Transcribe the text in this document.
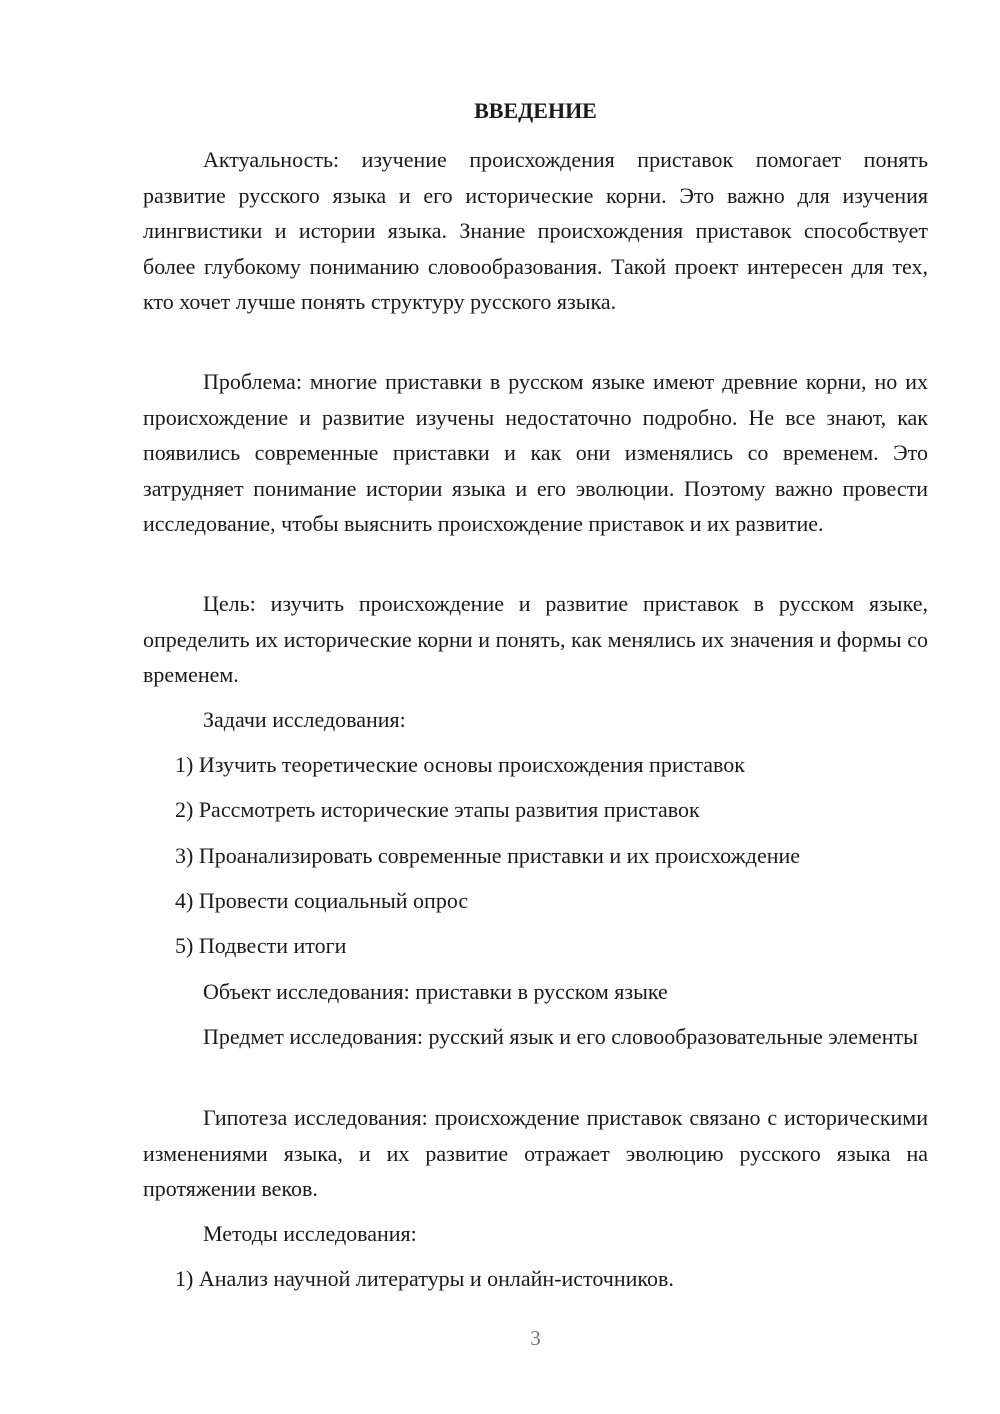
ВВЕДЕНИЕ

Актуальность: изучение происхождения приставок помогает понять развитие русского языка и его исторические корни. Это важно для изучения лингвистики и истории языка. Знание происхождения приставок способствует более глубокому пониманию словообразования. Такой проект интересен для тех, кто хочет лучше понять структуру русского языка.

Проблема: многие приставки в русском языке имеют древние корни, но их происхождение и развитие изучены недостаточно подробно. Не все знают, как появились современные приставки и как они изменялись со временем. Это затрудняет понимание истории языка и его эволюции. Поэтому важно провести исследование, чтобы выяснить происхождение приставок и их развитие.

Цель: изучить происхождение и развитие приставок в русском языке, определить их исторические корни и понять, как менялись их значения и формы со временем.

Задачи исследования:

1) Изучить теоретические основы происхождения приставок

2) Рассмотреть исторические этапы развития приставок

3) Проанализировать современные приставки и их происхождение

4) Провести социальный опрос

5) Подвести итоги

Объект исследования: приставки в русском языке

Предмет исследования: русский язык и его словообразовательные элементы

Гипотеза исследования: происхождение приставок связано с историческими изменениями языка, и их развитие отражает эволюцию русского языка на протяжении веков.

Методы исследования:

1) Анализ научной литературы и онлайн-источников.

3
